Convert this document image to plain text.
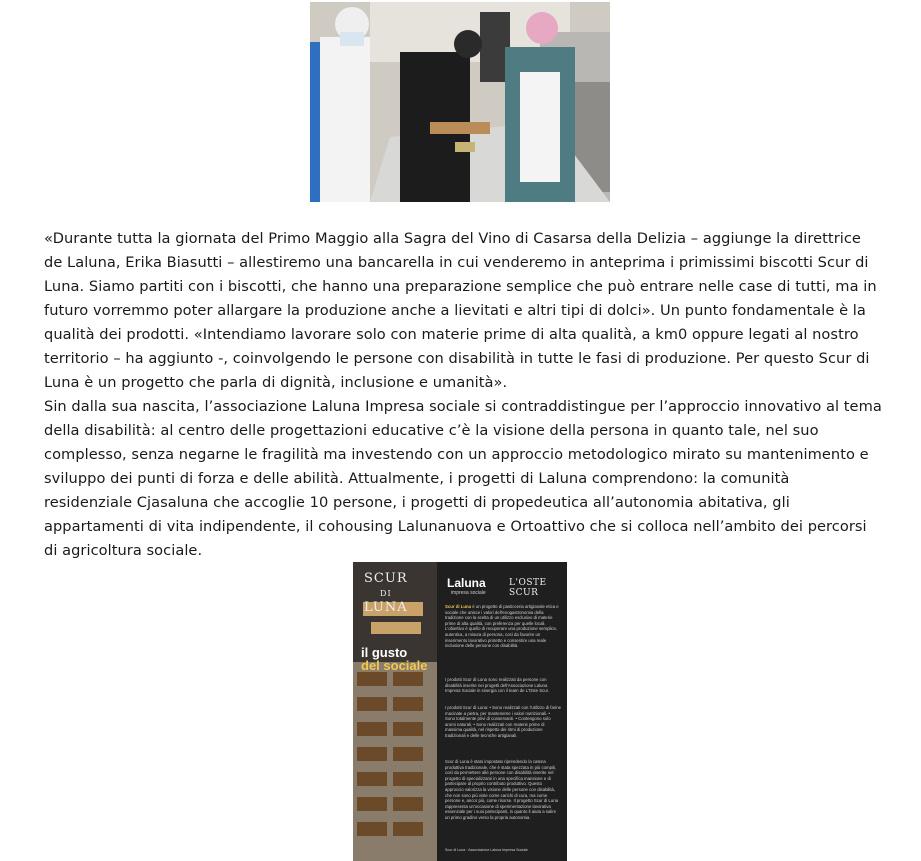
«Durante tutta la giornata del Primo Maggio alla Sagra del Vino di Casarsa della Delizia – aggiunge la direttrice de Laluna, Erika Biasutti – allestiremo una bancarella in cui venderemo in anteprima i primissimi biscotti Scur di Luna. Siamo partiti con i biscotti, che hanno una preparazione semplice che può entrare nelle case di tutti, ma in futuro vorremmo poter allargare la produzione anche a lievitati e altri tipi di dolci». Un punto fondamentale è la qualità dei prodotti. «Intendiamo lavorare solo con materie prime di alta qualità, a km0 oppure legati al nostro territorio – ha aggiunto -, coinvolgendo le persone con disabilità in tutte le fasi di produzione. Per questo Scur di Luna è un progetto che parla di dignità, inclusione e umanità».

Sin dalla sua nascita, l’associazione Laluna Impresa sociale si contraddistingue per l’approccio innovativo al tema della disabilità: al centro delle progettazioni educative c’è la visione della persona in quanto tale, nel suo complesso, senza negarne le fragilità ma investendo con un approccio metodologico mirato su mantenimento e sviluppo dei punti di forza e delle abilità. Attualmente, i progetti di Laluna comprendono: la comunità residenziale Cjasaluna che accoglie 10 persone, i progetti di propedeutica all’autonomia abitativa, gli appartamenti di vita indipendente, il cohousing Lalunanuova e Ortoattivo che si colloca nell’ambito dei percorsi di agricoltura sociale.

SCUR
DI
LUNA
il gusto
del sociale
Laluna
impresa sociale
L'OSTE SCUR
Scur di Luna è un progetto di pasticceria artigianale etica e sociale che unisce i valori dell'enogastronomia della tradizione con la scelta di un utilizzo esclusivo di materie prime di alta qualità, con preferenza per quelle locali. L'obiettivo è quello di recuperare una produzione semplice, autentica, a misura di persona, così da favorire un inserimento lavorativo protetto e consentire una reale inclusione delle persone con disabilità.
I prodotti Scur di Luna sono realizzati da persone con disabilità inserite nei progetti dell'Associazione Laluna Impresa Sociale in sinergia con il team de L'Oste Scur.
I prodotti Scur di Luna: • Sono realizzati con l'utilizzo di farine macinate a pietra, per mantenerne i valori nutrizionali. • Sono totalmente privi di conservanti. • Contengono solo aromi naturali. • Sono realizzati con materie prime di massima qualità, nel rispetto dei ritmi di produzione tradizionali e delle tecniche artigianali.
Scur di Luna è stato impostato riprendendo la catena produttiva tradizionale, che è stata spezzata in più compiti, così da permettere alle persone con disabilità inserite nel progetto di specializzarsi in una specifica mansione e di partecipare al proprio contributo produttivo. Questo approccio valorizza la visione delle persone con disabilità, che non sono più viste come carichi di cura, ma come persone e, ancor più, come risorse. Il progetto Scur di Luna rappresenta un'occasione di sperimentazione lavorativa essenziale per i suoi partecipanti, in quanto li aiuta a salire un primo gradino verso la propria autonomia.
Scur di Luna · Associazione Laluna Impresa Sociale
